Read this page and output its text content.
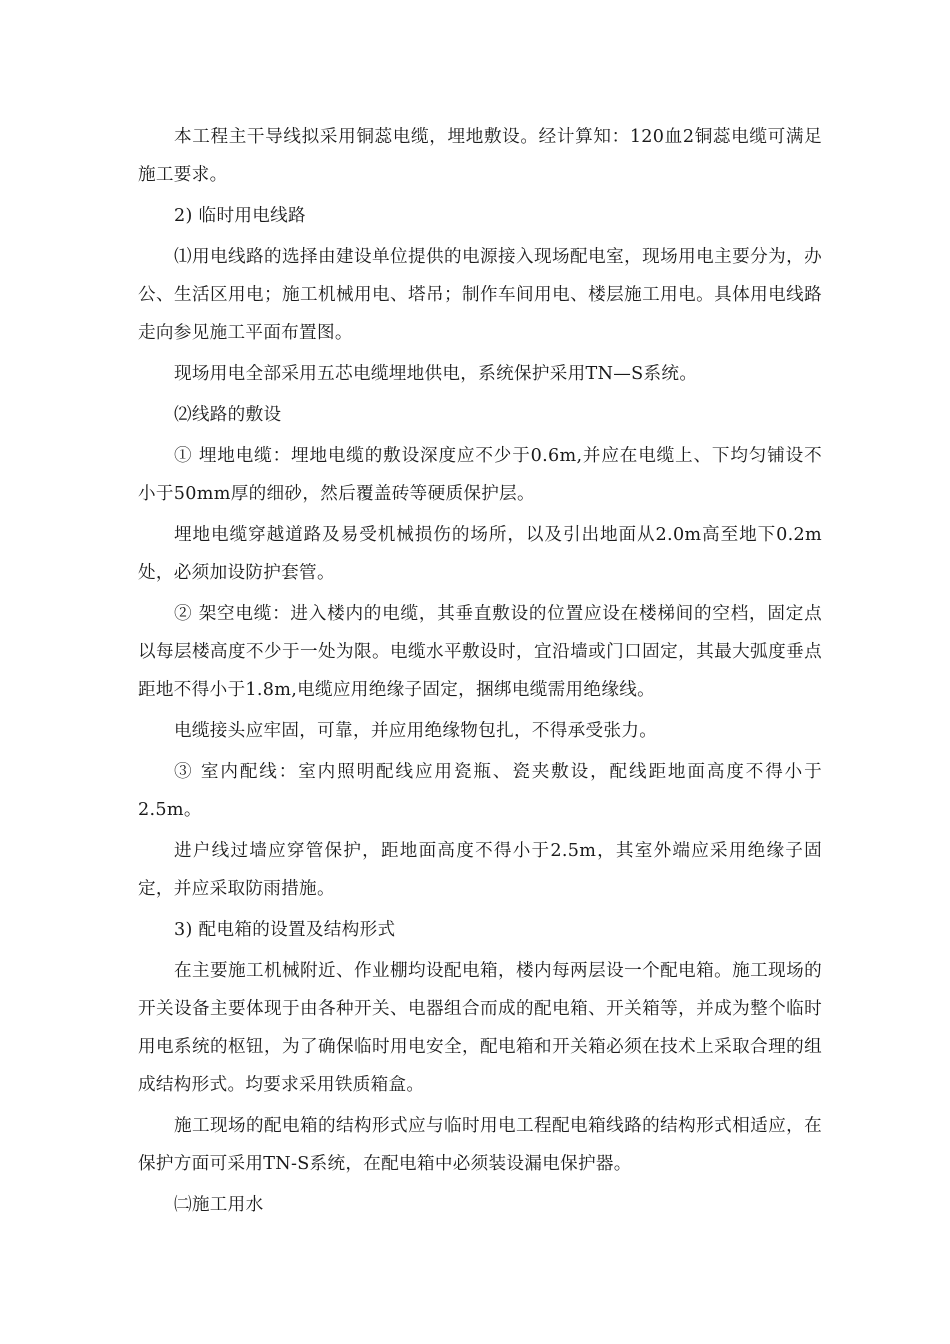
本工程主干导线拟采用铜蕊电缆，埋地敷设。经计算知：120血2铜蕊电缆可满足施工要求。

2) 临时用电线路

⑴用电线路的选择由建设单位提供的电源接入现场配电室，现场用电主要分为，办公、生活区用电；施工机械用电、塔吊；制作车间用电、楼层施工用电。具体用电线路走向参见施工平面布置图。

现场用电全部采用五芯电缆埋地供电，系统保护采用TN—S系统。

⑵线路的敷设

① 埋地电缆：埋地电缆的敷设深度应不少于0.6m,并应在电缆上、下均匀铺设不小于50mm厚的细砂，然后覆盖砖等硬质保护层。

埋地电缆穿越道路及易受机械损伤的场所，以及引出地面从2.0m高至地下0.2m处，必须加设防护套管。

② 架空电缆：进入楼内的电缆，其垂直敷设的位置应设在楼梯间的空档，固定点以每层楼高度不少于一处为限。电缆水平敷设时，宜沿墙或门口固定，其最大弧度垂点距地不得小于1.8m,电缆应用绝缘子固定，捆绑电缆需用绝缘线。

电缆接头应牢固，可靠，并应用绝缘物包扎，不得承受张力。

③ 室内配线：室内照明配线应用瓷瓶、瓷夹敷设，配线距地面高度不得小于2.5m。

进户线过墙应穿管保护，距地面高度不得小于2.5m，其室外端应采用绝缘子固定，并应采取防雨措施。

3) 配电箱的设置及结构形式

在主要施工机械附近、作业棚均设配电箱，楼内每两层设一个配电箱。施工现场的开关设备主要体现于由各种开关、电器组合而成的配电箱、开关箱等，并成为整个临时用电系统的枢钮，为了确保临时用电安全，配电箱和开关箱必须在技术上采取合理的组成结构形式。均要求采用铁质箱盒。

施工现场的配电箱的结构形式应与临时用电工程配电箱线路的结构形式相适应，在保护方面可采用TN-S系统，在配电箱中必须装设漏电保护器。

㈡施工用水
